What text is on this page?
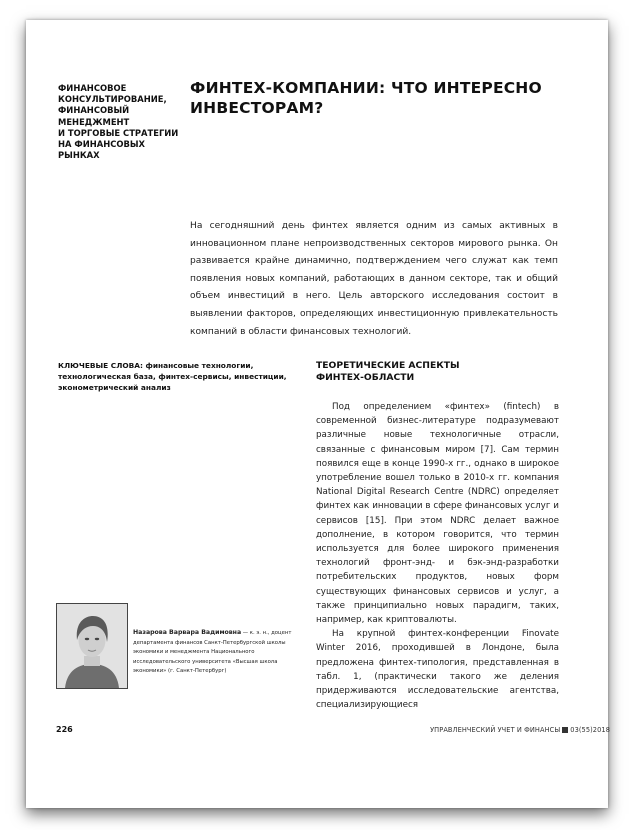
ФИНАНСОВОЕ
КОНСУЛЬТИРОВАНИЕ,
ФИНАНСОВЫЙ
МЕНЕДЖМЕНТ
И ТОРГОВЫЕ СТРАТЕГИИ
НА ФИНАНСОВЫХ
РЫНКАХ
ФИНТЕХ-КОМПАНИИ: ЧТО ИНТЕРЕСНО
ИНВЕСТОРАМ?
На сегодняшний день финтех является одним из самых активных в инновационном плане непроизводственных секторов мирового рынка. Он развивается крайне динамично, подтверждением чего служат как темп появления новых компаний, работающих в данном секторе, так и общий объем инвестиций в него. Цель авторского исследования состоит в выявлении факторов, определяющих инвестиционную привлекательность компаний в области финансовых технологий.
КЛЮЧЕВЫЕ СЛОВА: финансовые технологии, технологическая база, финтех-сервисы, инвестиции, эконометрический анализ
ТЕОРЕТИЧЕСКИЕ АСПЕКТЫ
ФИНТЕХ-ОБЛАСТИ

Под определением «финтех» (fintech) в современной бизнес-литературе подразумевают различные новые технологичные отрасли, связанные с финансовым миром [7]. Сам термин появился еще в конце 1990-х гг., однако в широкое употребление вошел только в 2010-х гг. компания National Digital Research Centre (NDRC) определяет финтех как инновации в сфере финансовых услуг и сервисов [15]. При этом NDRC делает важное дополнение, в котором говорится, что термин используется для более широкого применения технологий фронт-энд- и бэк-энд-разработки потребительских продуктов, новых форм существующих финансовых сервисов и услуг, а также принципиально новых парадигм, таких, например, как криптовалюты.

На крупной финтех-конференции Finovate Winter 2016, проходившей в Лондоне, была предложена финтех-типология, представленная в табл. 1, (практически такого же деления придерживаются исследовательские агентства, специализирующиеся

Назарова Варвара Вадимовна — к. э. н., доцент департамента финансов Санкт-Петербургской школы экономики и менеджмента Национального исследовательского университета «Высшая школа экономики» (г. Санкт-Петербург)
226	УПРАВЛЕНЧЕСКИЙ УЧЕТ И ФИНАНСЫ 03(55)2018
